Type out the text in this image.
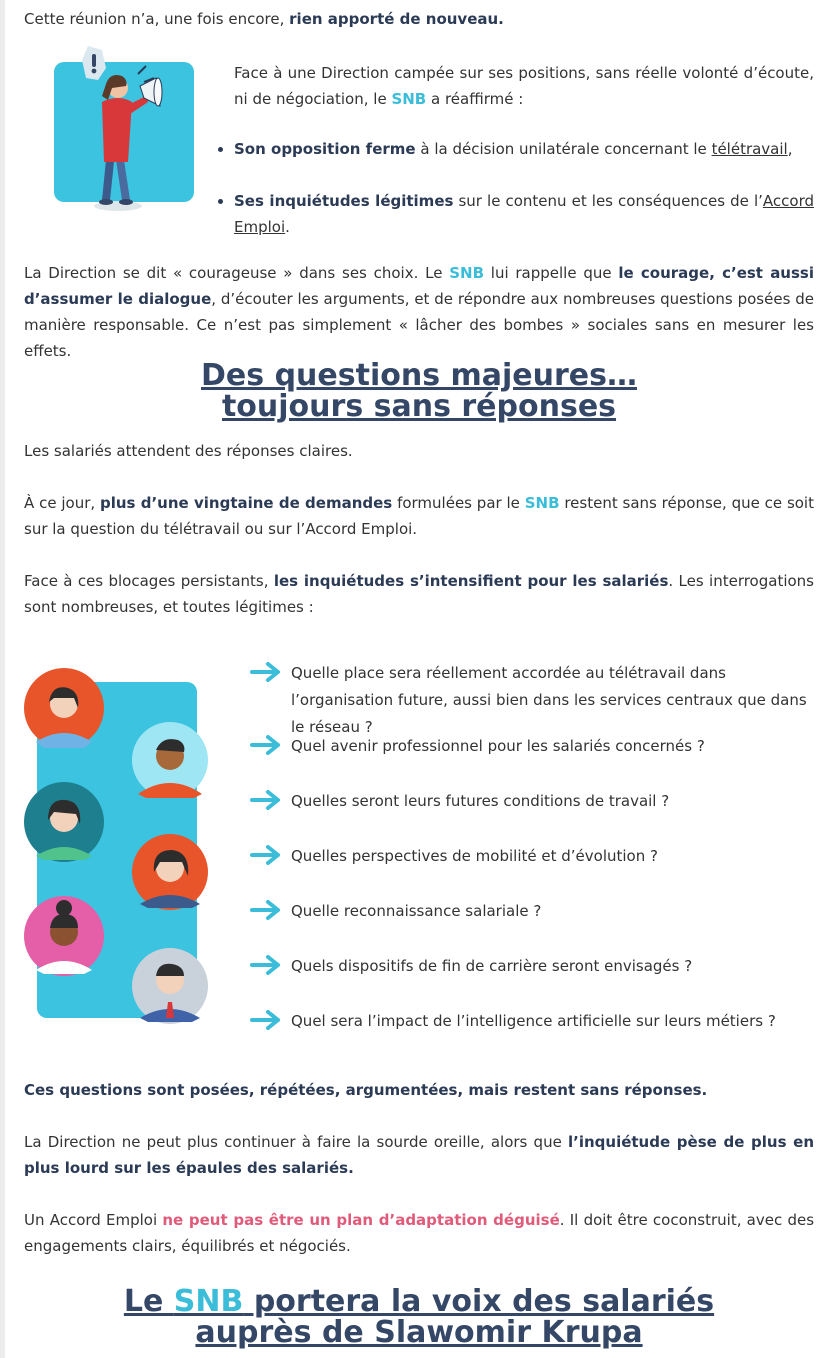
Cette réunion n’a, une fois encore, rien apporté de nouveau.

Face à une Direction campée sur ses positions, sans réelle volonté d’écoute, ni de négociation, le SNB a réaffirmé :

Son opposition ferme à la décision unilatérale concernant le télétravail,
Ses inquiétudes légitimes sur le contenu et les conséquences de l’Accord Emploi.

La Direction se dit « courageuse » dans ses choix. Le SNB lui rappelle que le courage, c’est aussi d’assumer le dialogue, d’écouter les arguments, et de répondre aux nombreuses questions posées de manière responsable. Ce n’est pas simplement « lâcher des bombes » sociales sans en mesurer les effets.

Des questions majeures…
toujours sans réponses

Les salariés attendent des réponses claires.

À ce jour, plus d’une vingtaine de demandes formulées par le SNB restent sans réponse, que ce soit sur la question du télétravail ou sur l’Accord Emploi.

Face à ces blocages persistants, les inquiétudes s’intensifient pour les salariés. Les interrogations sont nombreuses, et toutes légitimes :

Quelle place sera réellement accordée au télétravail dans l’organisation future, aussi bien dans les services centraux que dans le réseau ?

Quel avenir professionnel pour les salariés concernés ?

Quelles seront leurs futures conditions de travail ?

Quelles perspectives de mobilité et d’évolution ?

Quelle reconnaissance salariale ?

Quels dispositifs de fin de carrière seront envisagés ?

Quel sera l’impact de l’intelligence artificielle sur leurs métiers ?

Ces questions sont posées, répétées, argumentées, mais restent sans réponses.

La Direction ne peut plus continuer à faire la sourde oreille, alors que l’inquiétude pèse de plus en plus lourd sur les épaules des salariés.

Un Accord Emploi ne peut pas être un plan d’adaptation déguisé. Il doit être coconstruit, avec des engagements clairs, équilibrés et négociés.

Le SNB portera la voix des salariés
auprès de Slawomir Krupa
